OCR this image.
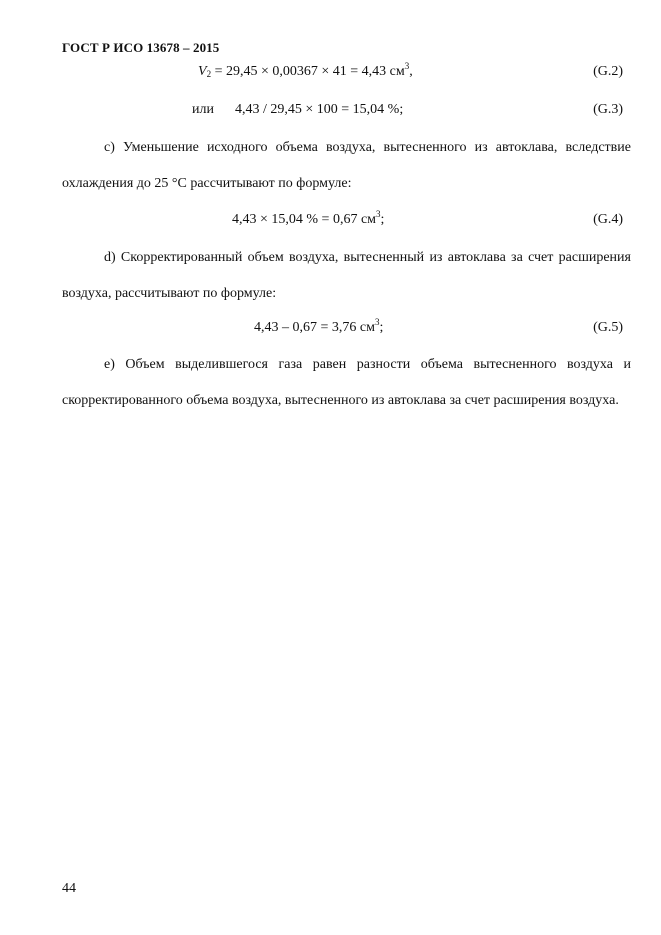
ГОСТ Р ИСО 13678 – 2015
$V_2 = 29,45 \times 0,00367 \times 41 = 4,43$ $см^3$,	(G.2)
или 4,43 / 29,45 × 100 = 15,04 %;	(G.3)
с) Уменьшение исходного объема воздуха, вытесненного из автоклава, вследствие охлаждения до 25 °С рассчитывают по формуле:
4,43 × 15,04 % = 0,67 $см^3$;	(G.4)
d) Скорректированный объем воздуха, вытесненный из автоклава за счет расширения воздуха, рассчитывают по формуле:
4,43 – 0,67 = 3,76 $см^3$;	(G.5)
е) Объем выделившегося газа равен разности объема вытесненного воздуха и скорректированного объема воздуха, вытесненного из автоклава за счет расширения воздуха.
44
